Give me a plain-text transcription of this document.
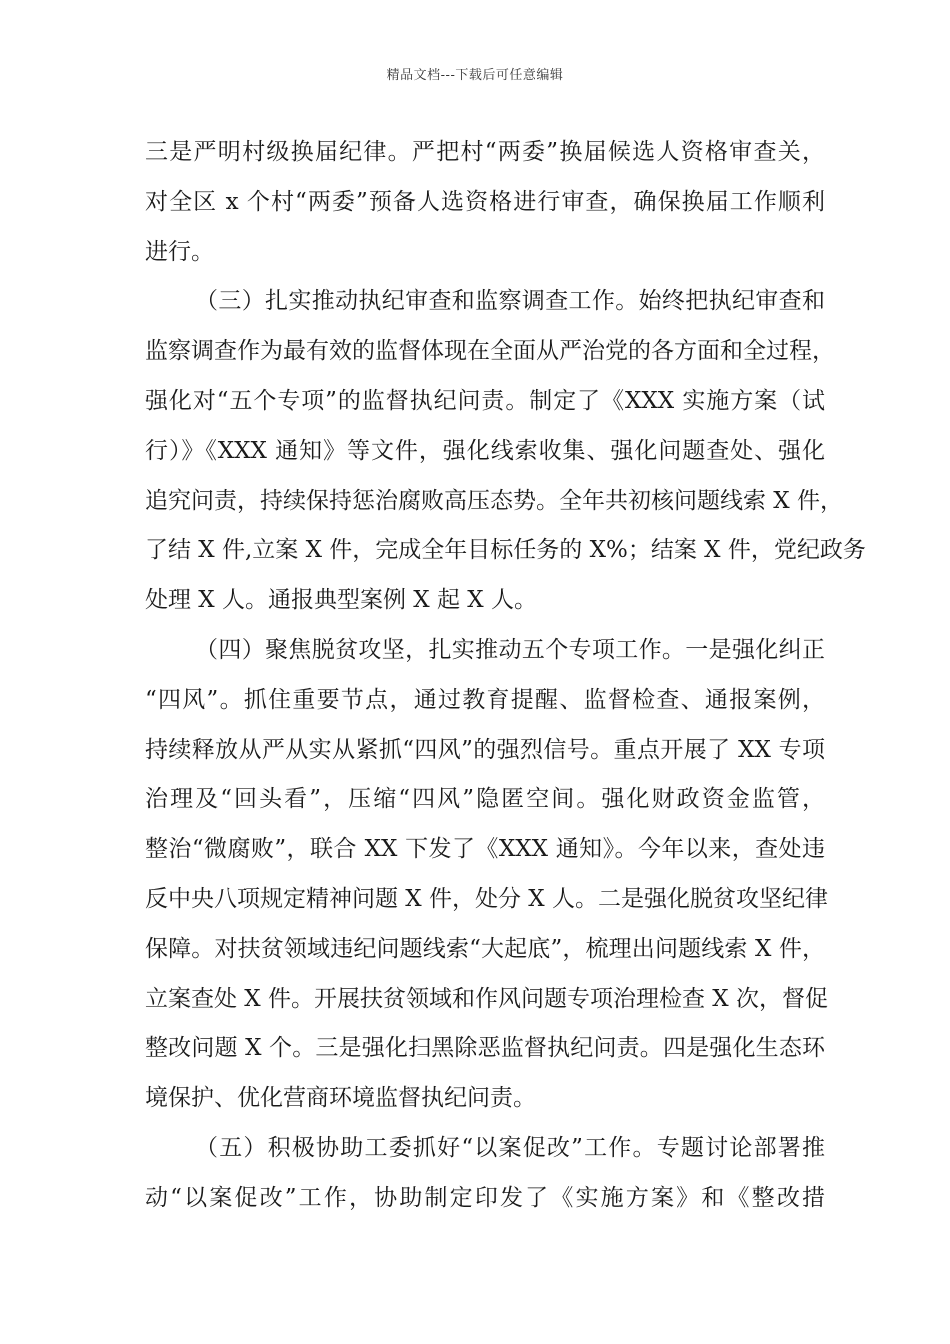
精品文档---下载后可任意编辑
三是严明村级换届纪律。严把村“两委”换届候选人资格审查关，
对全区 x 个村“两委”预备人选资格进行审查，确保换届工作顺利
进行。
（三）扎实推动执纪审查和监察调查工作。始终把执纪审查和
监察调查作为最有效的监督体现在全面从严治党的各方面和全过程，
强化对“五个专项”的监督执纪问责。制定了《XXX 实施方案（试
行）》《XXX 通知》等文件，强化线索收集、强化问题查处、强化
追究问责，持续保持惩治腐败高压态势。全年共初核问题线索 X 件，
了结 X 件,立案 X 件，完成全年目标任务的 X%；结案 X 件，党纪政务
处理 X 人。通报典型案例 X 起 X 人。
（四）聚焦脱贫攻坚，扎实推动五个专项工作。一是强化纠正
“四风”。抓住重要节点，通过教育提醒、监督检查、通报案例，
持续释放从严从实从紧抓“四风”的强烈信号。重点开展了 XX 专项
治理及“回头看”，压缩“四风”隐匿空间。强化财政资金监管，
整治“微腐败”，联合 XX 下发了《XXX 通知》。今年以来，查处违
反中央八项规定精神问题 X 件，处分 X 人。二是强化脱贫攻坚纪律
保障。对扶贫领域违纪问题线索“大起底”，梳理出问题线索 X 件，
立案查处 X 件。开展扶贫领域和作风问题专项治理检查 X 次，督促
整改问题 X 个。三是强化扫黑除恶监督执纪问责。四是强化生态环
境保护、优化营商环境监督执纪问责。
（五）积极协助工委抓好“以案促改”工作。专题讨论部署推
动“以案促改”工作，协助制定印发了《实施方案》和《整改措
